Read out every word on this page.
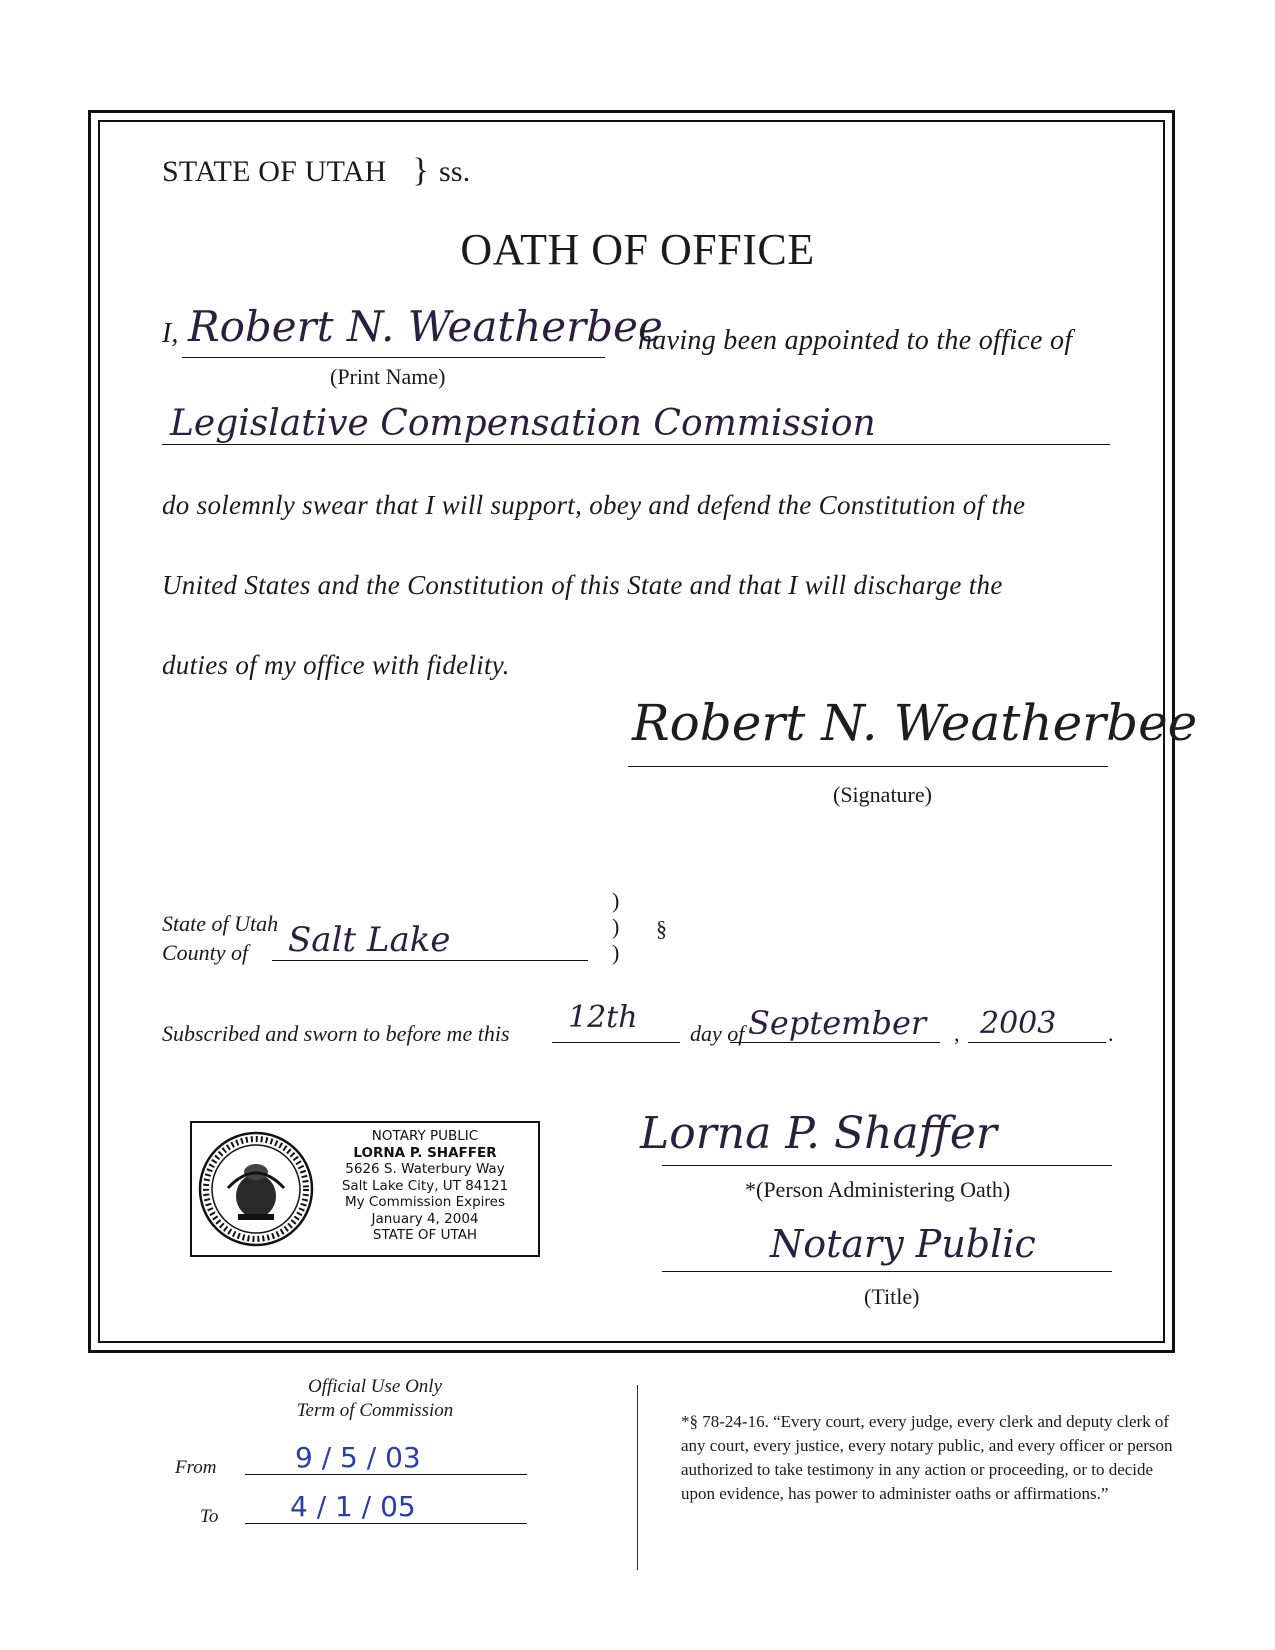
STATE OF UTAH } ss.
OATH OF OFFICE
I, Robert N. Weatherbee
having been appointed to the office of
(Print Name)
Legislative Compensation Commission
do solemnly swear that I will support, obey and defend the Constitution of the
United States and the Constitution of this State and that I will discharge the
duties of my office with fidelity.
Robert N. Weatherbee
(Signature)
State of Utah
County of Salt Lake
)
)
)
§
Subscribed and sworn to before me this 12th day of September , 2003 .
NOTARY PUBLIC
LORNA P. SHAFFER
5626 S. Waterbury Way
Salt Lake City, UT 84121
My Commission Expires
January 4, 2004
STATE OF UTAH
Lorna P. Shaffer
*(Person Administering Oath)
Notary Public
(Title)
Official Use Only
Term of Commission
From	9 / 5 / 03
To	4 / 1 / 05
*§ 78-24-16. “Every court, every judge, every clerk and deputy clerk of any court, every justice, every notary public, and every officer or person authorized to take testimony in any action or proceeding, or to decide upon evidence, has power to administer oaths or affirmations.”
